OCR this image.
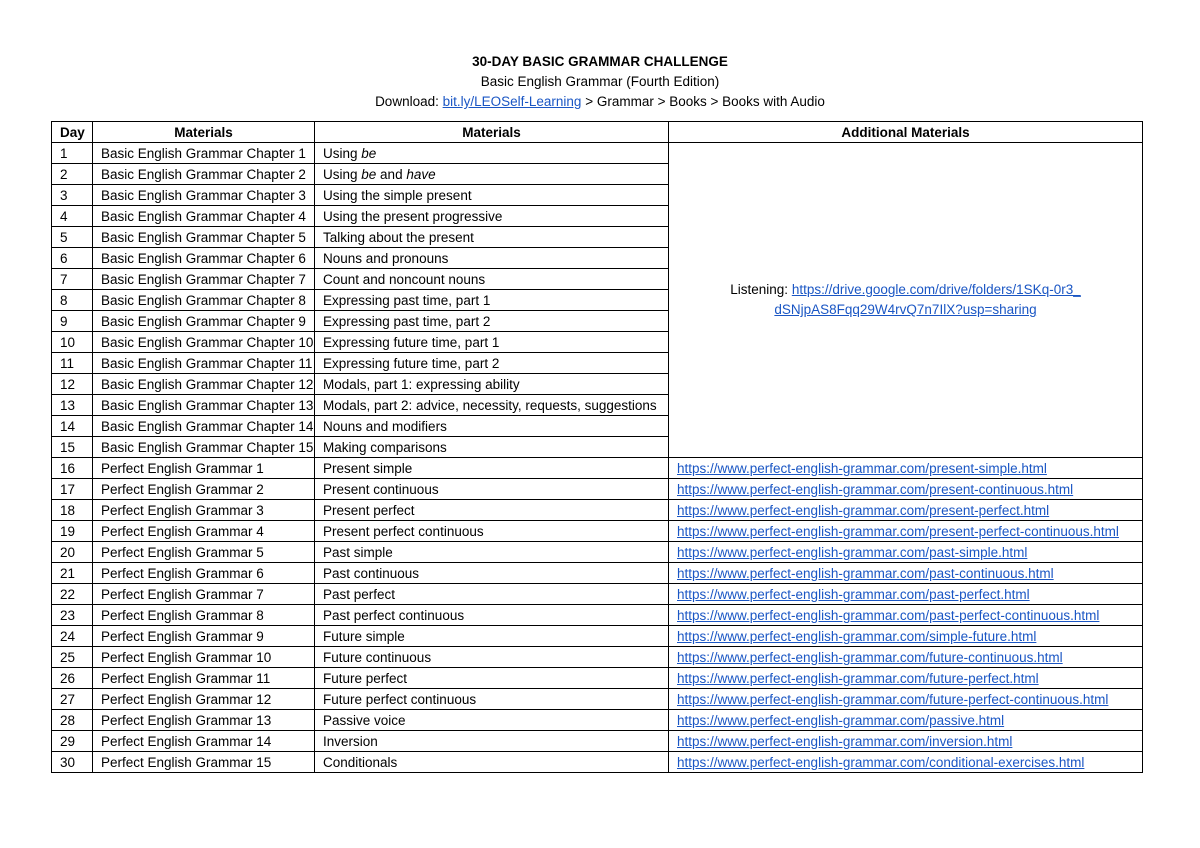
30-DAY BASIC GRAMMAR CHALLENGE
Basic English Grammar (Fourth Edition)
Download: bit.ly/LEOSelf-Learning > Grammar > Books > Books with Audio
Day	Materials	Materials	Additional Materials
1	Basic English Grammar Chapter 1	Using be	Listening: https://drive.google.com/drive/folders/1SKq-0r3_dSNjpAS8Fqq29W4rvQ7n7IlX?usp=sharing
2	Basic English Grammar Chapter 2	Using be and have	
3	Basic English Grammar Chapter 3	Using the simple present	
4	Basic English Grammar Chapter 4	Using the present progressive	
5	Basic English Grammar Chapter 5	Talking about the present	
6	Basic English Grammar Chapter 6	Nouns and pronouns	
7	Basic English Grammar Chapter 7	Count and noncount nouns	
8	Basic English Grammar Chapter 8	Expressing past time, part 1	
9	Basic English Grammar Chapter 9	Expressing past time, part 2	
10	Basic English Grammar Chapter 10	Expressing future time, part 1	
11	Basic English Grammar Chapter 11	Expressing future time, part 2	
12	Basic English Grammar Chapter 12	Modals, part 1: expressing ability	
13	Basic English Grammar Chapter 13	Modals, part 2: advice, necessity, requests, suggestions	
14	Basic English Grammar Chapter 14	Nouns and modifiers	
15	Basic English Grammar Chapter 15	Making comparisons	
16	Perfect English Grammar 1	Present simple	https://www.perfect-english-grammar.com/present-simple.html
17	Perfect English Grammar 2	Present continuous	https://www.perfect-english-grammar.com/present-continuous.html
18	Perfect English Grammar 3	Present perfect	https://www.perfect-english-grammar.com/present-perfect.html
19	Perfect English Grammar 4	Present perfect continuous	https://www.perfect-english-grammar.com/present-perfect-continuous.html
20	Perfect English Grammar 5	Past simple	https://www.perfect-english-grammar.com/past-simple.html
21	Perfect English Grammar 6	Past continuous	https://www.perfect-english-grammar.com/past-continuous.html
22	Perfect English Grammar 7	Past perfect	https://www.perfect-english-grammar.com/past-perfect.html
23	Perfect English Grammar 8	Past perfect continuous	https://www.perfect-english-grammar.com/past-perfect-continuous.html
24	Perfect English Grammar 9	Future simple	https://www.perfect-english-grammar.com/simple-future.html
25	Perfect English Grammar 10	Future continuous	https://www.perfect-english-grammar.com/future-continuous.html
26	Perfect English Grammar 11	Future perfect	https://www.perfect-english-grammar.com/future-perfect.html
27	Perfect English Grammar 12	Future perfect continuous	https://www.perfect-english-grammar.com/future-perfect-continuous.html
28	Perfect English Grammar 13	Passive voice	https://www.perfect-english-grammar.com/passive.html
29	Perfect English Grammar 14	Inversion	https://www.perfect-english-grammar.com/inversion.html
30	Perfect English Grammar 15	Conditionals	https://www.perfect-english-grammar.com/conditional-exercises.html
